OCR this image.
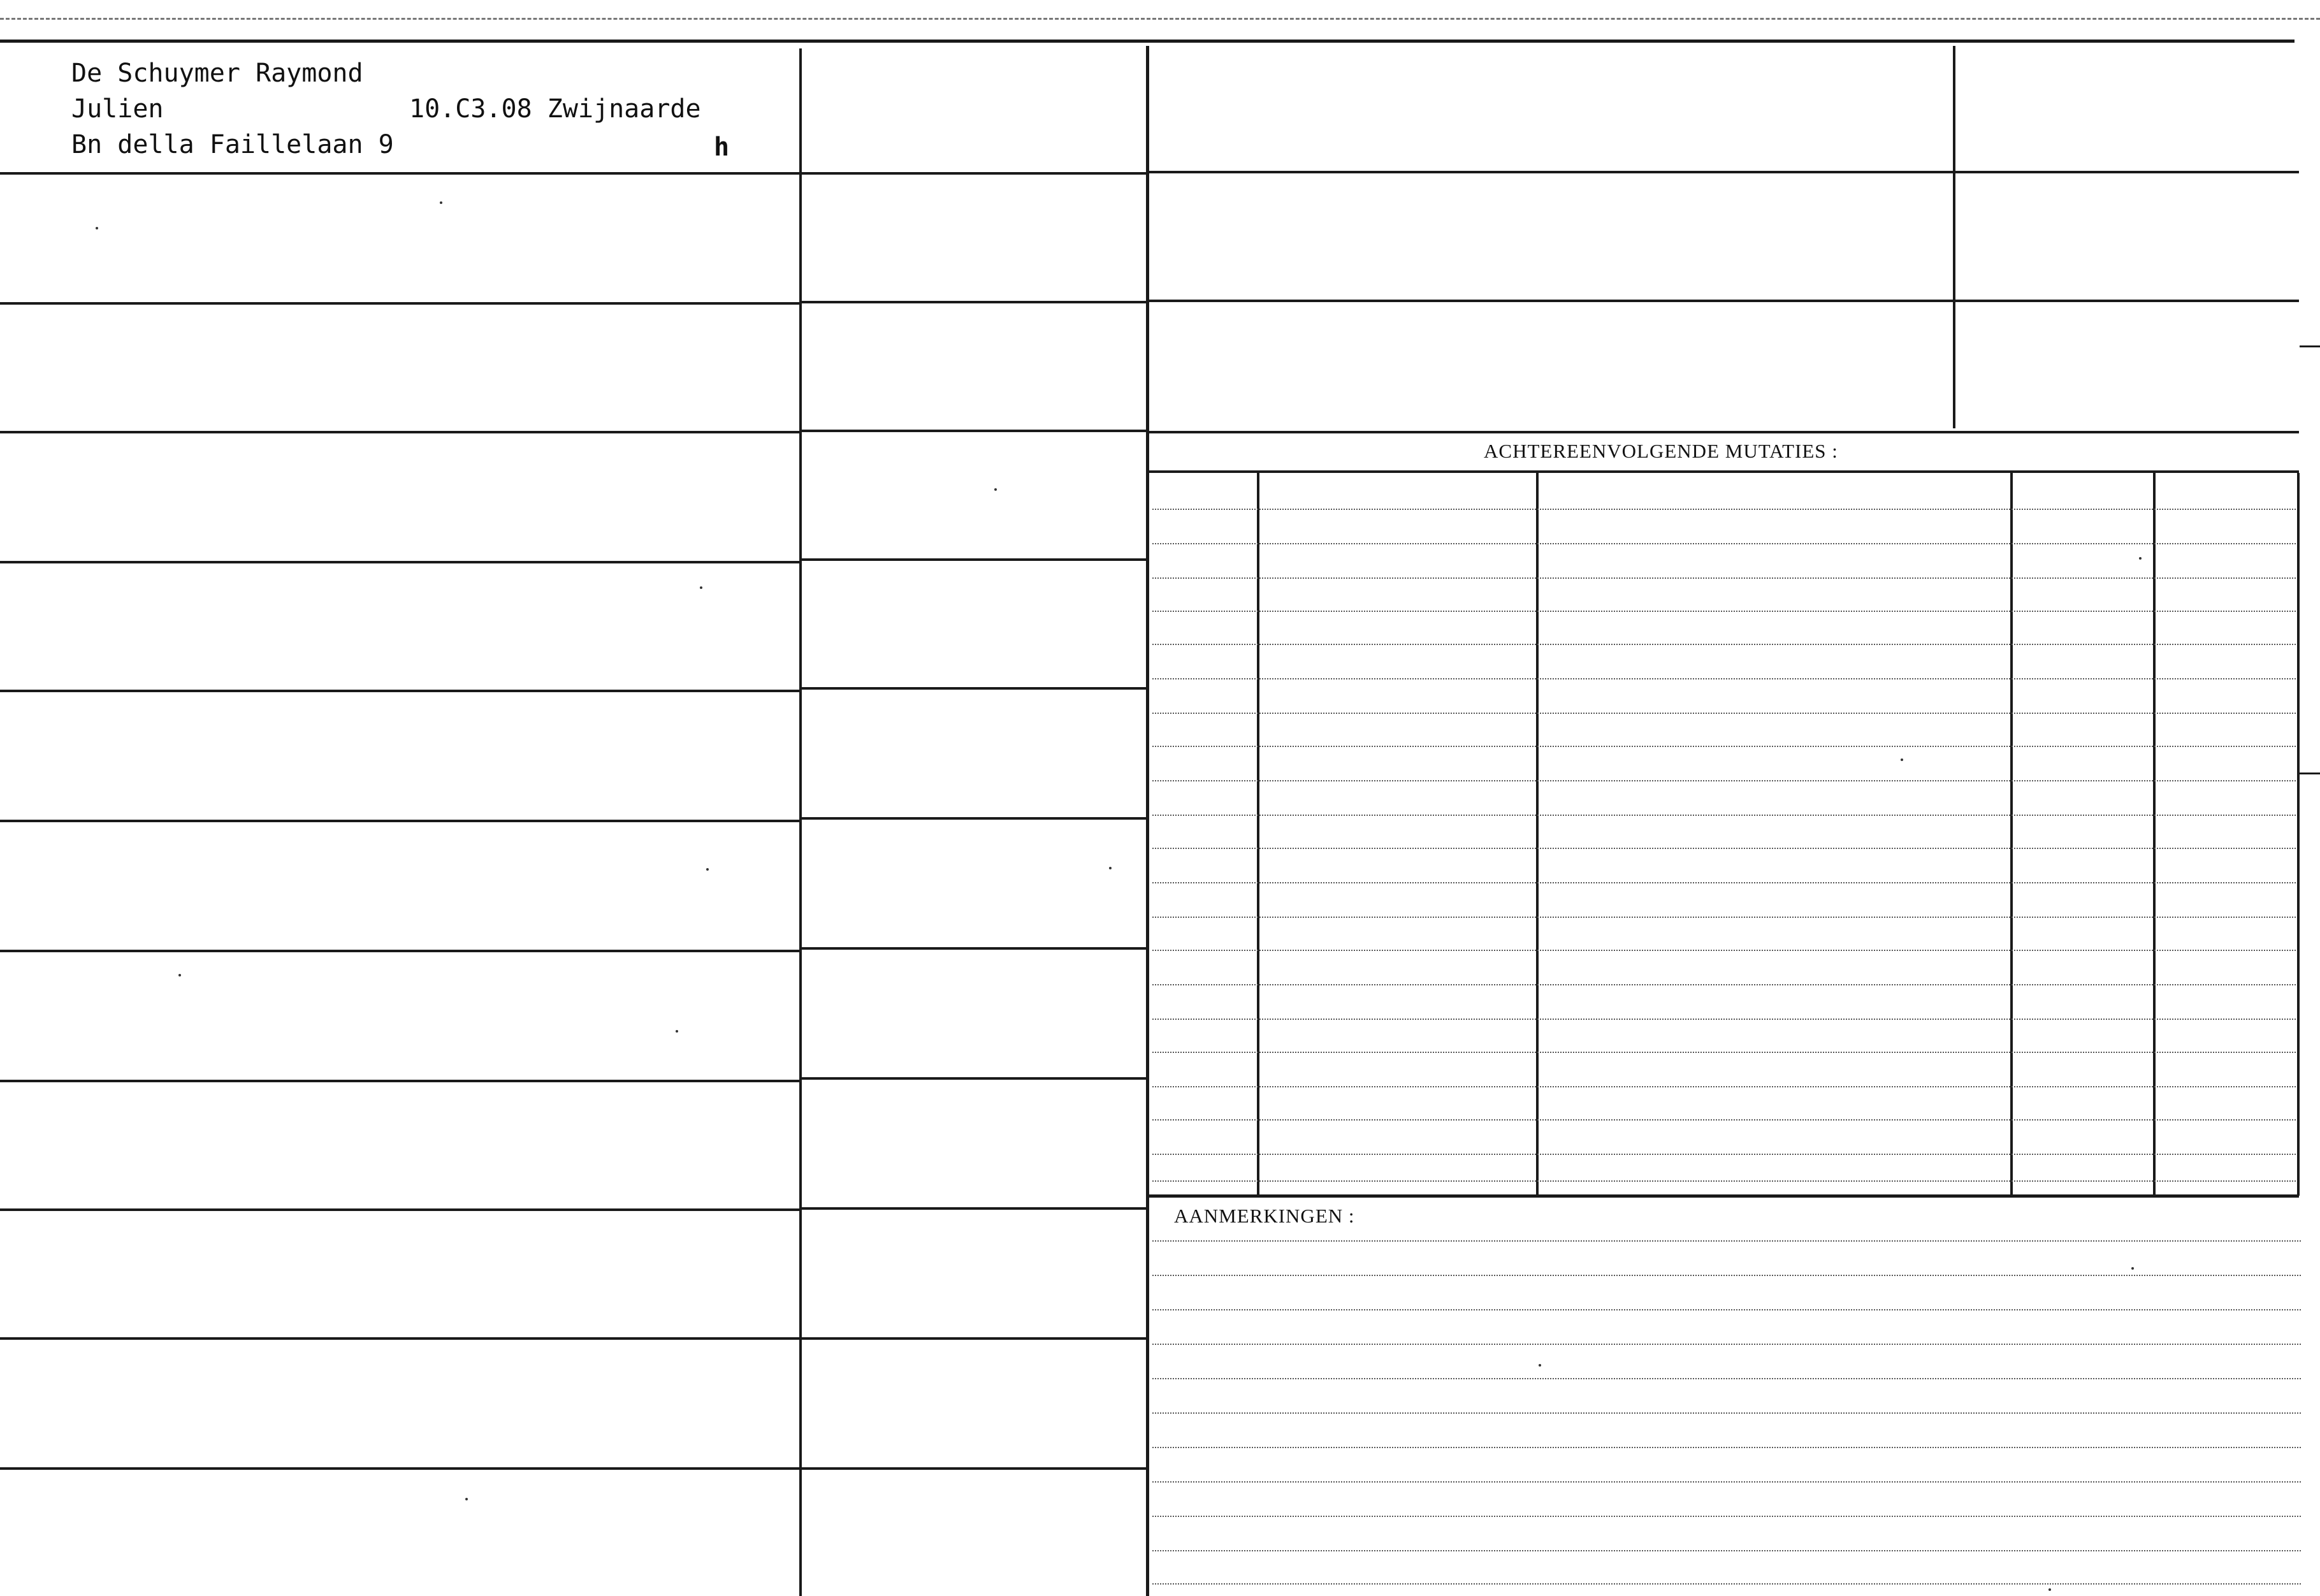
De Schuymer Raymond
Julien	10.C3.08 Zwijnaarde
Bn della Faillelaan 9	h
ACHTEREENVOLGENDE MUTATIES :
AANMERKINGEN :
